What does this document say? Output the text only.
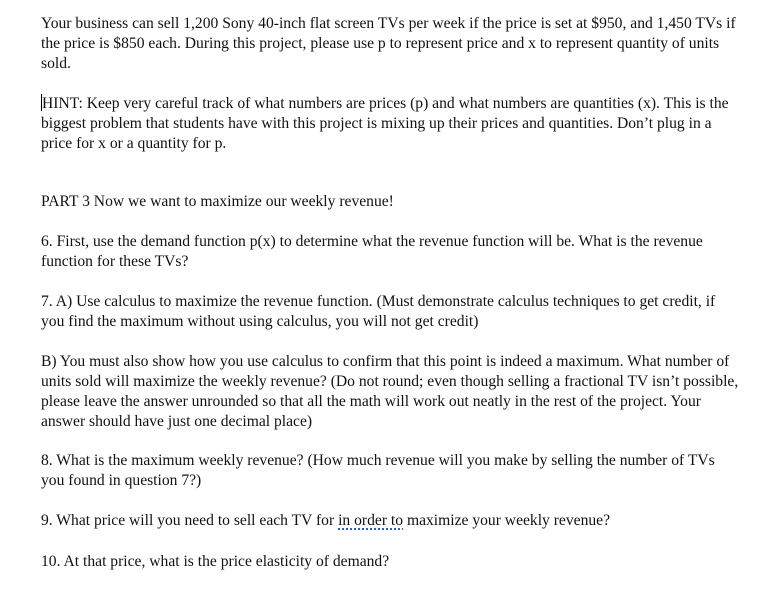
Your business can sell 1,200 Sony 40-inch flat screen TVs per week if the price is set at $950, and 1,450 TVs if the price is $850 each. During this project, please use p to represent price and x to represent quantity of units sold.

HINT: Keep very careful track of what numbers are prices (p) and what numbers are quantities (x). This is the biggest problem that students have with this project is mixing up their prices and quantities. Don’t plug in a price for x or a quantity for p.

PART 3 Now we want to maximize our weekly revenue!

6. First, use the demand function p(x) to determine what the revenue function will be. What is the revenue function for these TVs?

7. A) Use calculus to maximize the revenue function. (Must demonstrate calculus techniques to get credit, if you find the maximum without using calculus, you will not get credit)

B) You must also show how you use calculus to confirm that this point is indeed a maximum. What number of units sold will maximize the weekly revenue? (Do not round; even though selling a fractional TV isn’t possible, please leave the answer unrounded so that all the math will work out neatly in the rest of the project. Your answer should have just one decimal place)

8. What is the maximum weekly revenue? (How much revenue will you make by selling the number of TVs you found in question 7?)

9. What price will you need to sell each TV for in order to maximize your weekly revenue?

10. At that price, what is the price elasticity of demand?
